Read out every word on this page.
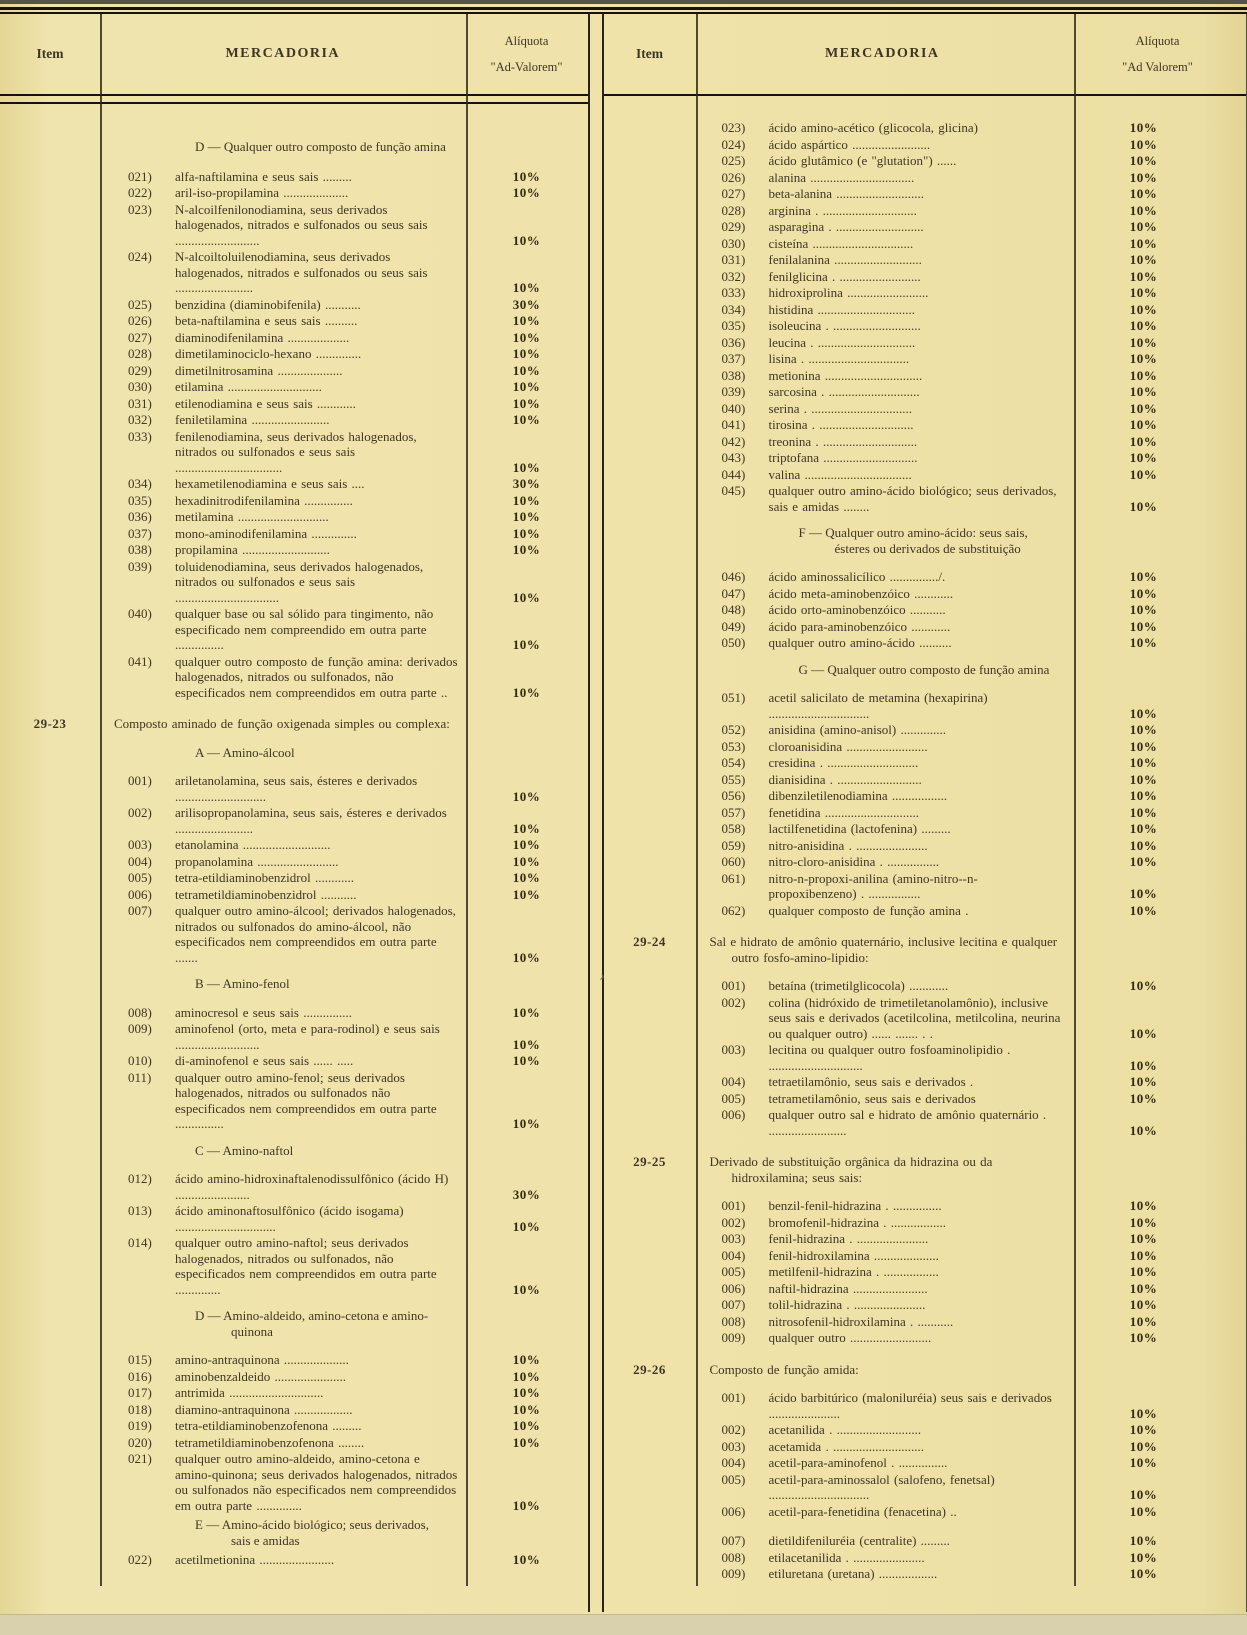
Item	MERCADORIA
Alíquota
"Ad-Valorem"
D — Qualquer outro composto de função amina
021)	alfa-naftilamina e seus sais .........	10%
022)	aril-iso-propilamina ....................	10%
023)	N-alcoilfenilonodiamina, seus derivados halogenados, nitrados e sulfonados ou seus sais ..........................	10%
024)	N-alcoiltoluilenodiamina, seus derivados halogenados, nitrados e sulfonados ou seus sais ........................	10%
025)	benzidina (diaminobifenila) ...........	30%
026)	beta-naftilamina e seus sais ..........	10%
027)	diaminodifenilamina ...................	10%
028)	dimetilaminociclo-hexano ..............	10%
029)	dimetilnitrosamina ....................	10%
030)	etilamina .............................	10%
031)	etilenodiamina e seus sais ............	10%
032)	feniletilamina ........................	10%
033)	fenilenodiamina, seus derivados halogenados, nitrados ou sulfonados e seus sais .................................	10%
034)	hexametilenodiamina e seus sais ....	30%
035)	hexadinitrodifenilamina ...............	10%
036)	metilamina ............................	10%
037)	mono-aminodifenilamina ..............	10%
038)	propilamina ...........................	10%
039)	toluidenodiamina, seus derivados halogenados, nitrados ou sulfonados e seus sais ................................	10%
040)	qualquer base ou sal sólido para tingimento, não especificado nem compreendido em outra parte ...............	10%
041)	qualquer outro composto de função amina: derivados halogenados, nitrados ou sulfonados, não especificados nem compreendidos em outra parte ..	10%
29-23	Composto aminado de função oxigenada simples ou complexa:
A — Amino-álcool
001)	ariletanolamina, seus sais, ésteres e derivados ............................	10%
002)	arilisopropanolamina, seus sais, ésteres e derivados ........................	10%
003)	etanolamina ...........................	10%
004)	propanolamina .........................	10%
005)	tetra-etildiaminobenzidrol ............	10%
006)	tetrametildiaminobenzidrol ...........	10%
007)	qualquer outro amino-álcool; derivados halogenados, nitrados ou sulfonados do amino-álcool, não especificados nem compreendidos em outra parte .......	10%
B — Amino-fenol
008)	aminocresol e seus sais ...............	10%
009)	aminofenol (orto, meta e para-rodinol) e seus sais ..........................	10%
010)	di-aminofenol e seus sais ...... .....	10%
011)	qualquer outro amino-fenol; seus derivados halogenados, nitrados ou sulfonados não especificados nem compreendidos em outra parte ...............	10%
C — Amino-naftol
012)	ácido amino-hidroxinaftalenodissulfônico (ácido H) .......................	30%
013)	ácido aminonaftosulfônico (ácido isogama) ...............................	10%
014)	qualquer outro amino-naftol; seus derivados halogenados, nitrados ou sulfonados, não especificados nem compreendidos em outra parte ..............	10%
D — Amino-aldeido, amino-cetona e amino-quinona
015)	amino-antraquinona ....................	10%
016)	aminobenzaldeido ......................	10%
017)	antrimida .............................	10%
018)	diamino-antraquinona ..................	10%
019)	tetra-etildiaminobenzofenona .........	10%
020)	tetrametildiaminobenzofenona ........	10%
021)	qualquer outro amino-aldeido, amino-cetona e amino-quinona; seus derivados halogenados, nitrados ou sulfonados não especificados nem compreendidos em outra parte ..............	10%
E — Amino-ácido biológico; seus derivados, sais e amidas
022)	acetilmetionina .......................	10%
Item	MERCADORIA
Alíquota
"Ad Valorem"
023)	ácido amino-acético (glicocola, glicina)	10%
024)	ácido aspártico ........................	10%
025)	ácido glutâmico (e "glutation") ......	10%
026)	alanina ................................	10%
027)	beta-alanina ...........................	10%
028)	arginina . .............................	10%
029)	asparagina . ...........................	10%
030)	cisteína ...............................	10%
031)	fenilalanina ...........................	10%
032)	fenilglicina . .........................	10%
033)	hidroxiprolina .........................	10%
034)	histidina ..............................	10%
035)	isoleucina . ...........................	10%
036)	leucina . ..............................	10%
037)	lisina . ...............................	10%
038)	metionina ..............................	10%
039)	sarcosina . ............................	10%
040)	serina . ...............................	10%
041)	tirosina . .............................	10%
042)	treonina . .............................	10%
043)	triptofana .............................	10%
044)	valina .................................	10%
045)	qualquer outro amino-ácido biológico; seus derivados, sais e amidas ........	10%
F — Qualquer outro amino-ácido: seus sais, ésteres ou derivados de substituição
046)	ácido aminossalicílico .............../.	10%
047)	ácido meta-aminobenzóico ............	10%
048)	ácido orto-aminobenzóico ...........	10%
049)	ácido para-aminobenzóico ............	10%
050)	qualquer outro amino-ácido ..........	10%
G — Qualquer outro composto de função amina
051)	acetil salicilato de metamina (hexapirina) ...............................	10%
052)	anisidina (amino-anisol) ..............	10%
053)	cloroanisidina .........................	10%
054)	cresidina . ............................	10%
055)	dianisidina . ..........................	10%
056)	dibenziletilenodiamina .................	10%
057)	fenetidina .............................	10%
058)	lactilfenetidina (lactofenina) .........	10%
059)	nitro-anisidina . ......................	10%
060)	nitro-cloro-anisidina . ................	10%
061)	nitro-n-propoxi-anilina (amino-nitro--n-propoxibenzeno) . ................	10%
062)	qualquer composto de função amina .	10%
29-24	Sal e hidrato de amônio quaternário, inclusive lecitina e qualquer outro fosfo-amino-lipidio:
›
001)	betaína (trimetilglicocola) ............	10%
002)	colina (hidróxido de trimetiletanolamônio), inclusive seus sais e derivados (acetilcolina, metilcolina, neurina ou qualquer outro) ...... ....... . .	10%
003)	lecitina ou qualquer outro fosfoaminolipidio . .............................	10%
004)	tetraetilamônio, seus sais e derivados .	10%
005)	tetrametilamônio, seus sais e derivados	10%
006)	qualquer outro sal e hidrato de amônio quaternário . ........................	10%
29-25	Derivado de substituição orgânica da hidrazina ou da hidroxilamina; seus sais:
001)	benzil-fenil-hidrazina . ...............	10%
002)	bromofenil-hidrazina . .................	10%
003)	fenil-hidrazina . ......................	10%
004)	fenil-hidroxilamina ....................	10%
005)	metilfenil-hidrazina . .................	10%
006)	naftil-hidrazina .......................	10%
007)	tolil-hidrazina . ......................	10%
008)	nitrosofenil-hidroxilamina . ...........	10%
009)	qualquer outro .........................	10%
29-26	Composto de função amida:
001)	ácido barbitúrico (maloniluréia) seus sais e derivados ......................	10%
002)	acetanilida . ..........................	10%
003)	acetamida . ............................	10%
004)	acetil-para-aminofenol . ...............	10%
005)	acetil-para-aminossalol (salofeno, fenetsal) ...............................	10%
006)	acetil-para-fenetidina (fenacetina) ..	10%
007)	dietildifeniluréia (centralite) .........	10%
008)	etilacetanilida . ......................	10%
009)	etiluretana (uretana) ..................	10%
